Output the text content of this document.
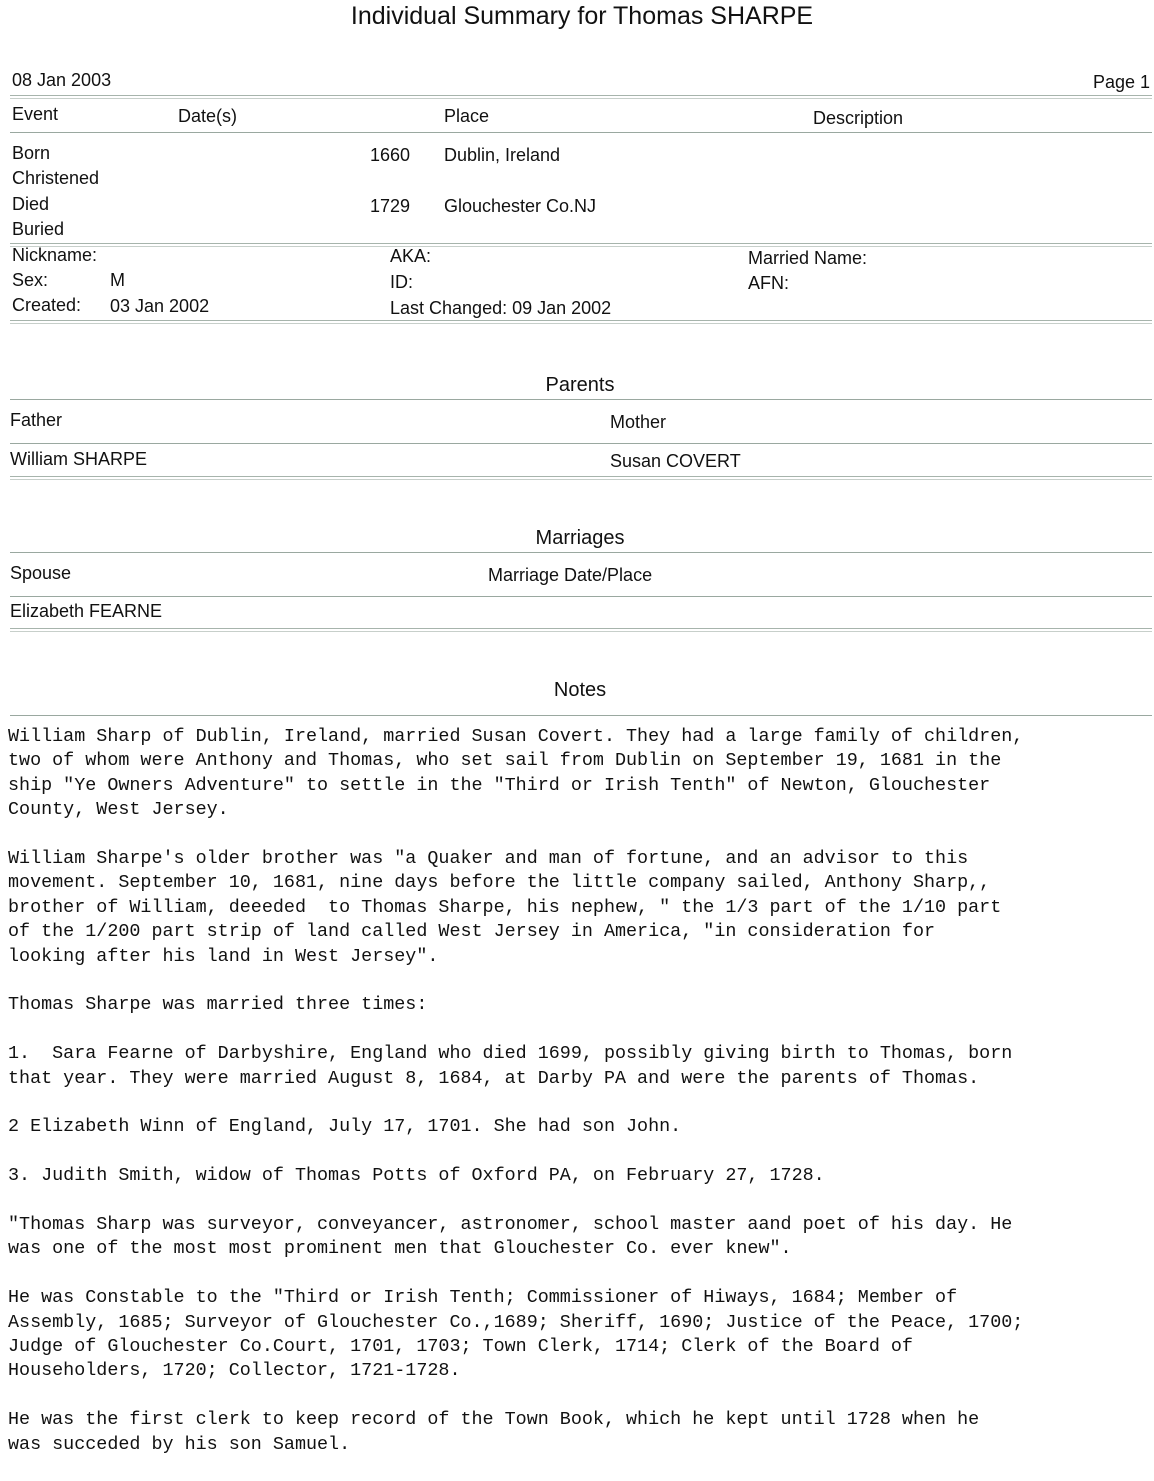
Individual Summary for Thomas SHARPE
08 Jan 2003	Page 1
Event	Date(s)	Place	Description
Born	1660 Dublin, Ireland
Christened
Died	1729 Glouchester Co.NJ
Buried
Nickname:	AKA:	Married Name:
Sex:	M	ID:	AFN:
Created: 03 Jan 2002	Last Changed: 09 Jan 2002
Parents
Father	Mother
William SHARPE	Susan COVERT
Marriages
Spouse	Marriage Date/Place
Elizabeth FEARNE
Notes

William Sharp of Dublin, Ireland, married Susan Covert. They had a large family of children,
two of whom were Anthony and Thomas, who set sail from Dublin on September 19, 1681 in the
ship "Ye Owners Adventure" to settle in the "Third or Irish Tenth" of Newton, Glouchester
County, West Jersey.

William Sharpe's older brother was "a Quaker and man of fortune, and an advisor to this
movement. September 10, 1681, nine days before the little company sailed, Anthony Sharp,,
brother of William, deeeded  to Thomas Sharpe, his nephew, " the 1/3 part of the 1/10 part
of the 1/200 part strip of land called West Jersey in America, "in consideration for
looking after his land in West Jersey".

Thomas Sharpe was married three times:

1.  Sara Fearne of Darbyshire, England who died 1699, possibly giving birth to Thomas, born
that year. They were married August 8, 1684, at Darby PA and were the parents of Thomas.

2 Elizabeth Winn of England, July 17, 1701. She had son John.

3. Judith Smith, widow of Thomas Potts of Oxford PA, on February 27, 1728.

"Thomas Sharp was surveyor, conveyancer, astronomer, school master aand poet of his day. He
was one of the most most prominent men that Glouchester Co. ever knew".

He was Constable to the "Third or Irish Tenth; Commissioner of Hiways, 1684; Member of
Assembly, 1685; Surveyor of Glouchester Co.,1689; Sheriff, 1690; Justice of the Peace, 1700;
Judge of Glouchester Co.Court, 1701, 1703; Town Clerk, 1714; Clerk of the Board of
Householders, 1720; Collector, 1721-1728.

He was the first clerk to keep record of the Town Book, which he kept until 1728 when he
was succeded by his son Samuel.
